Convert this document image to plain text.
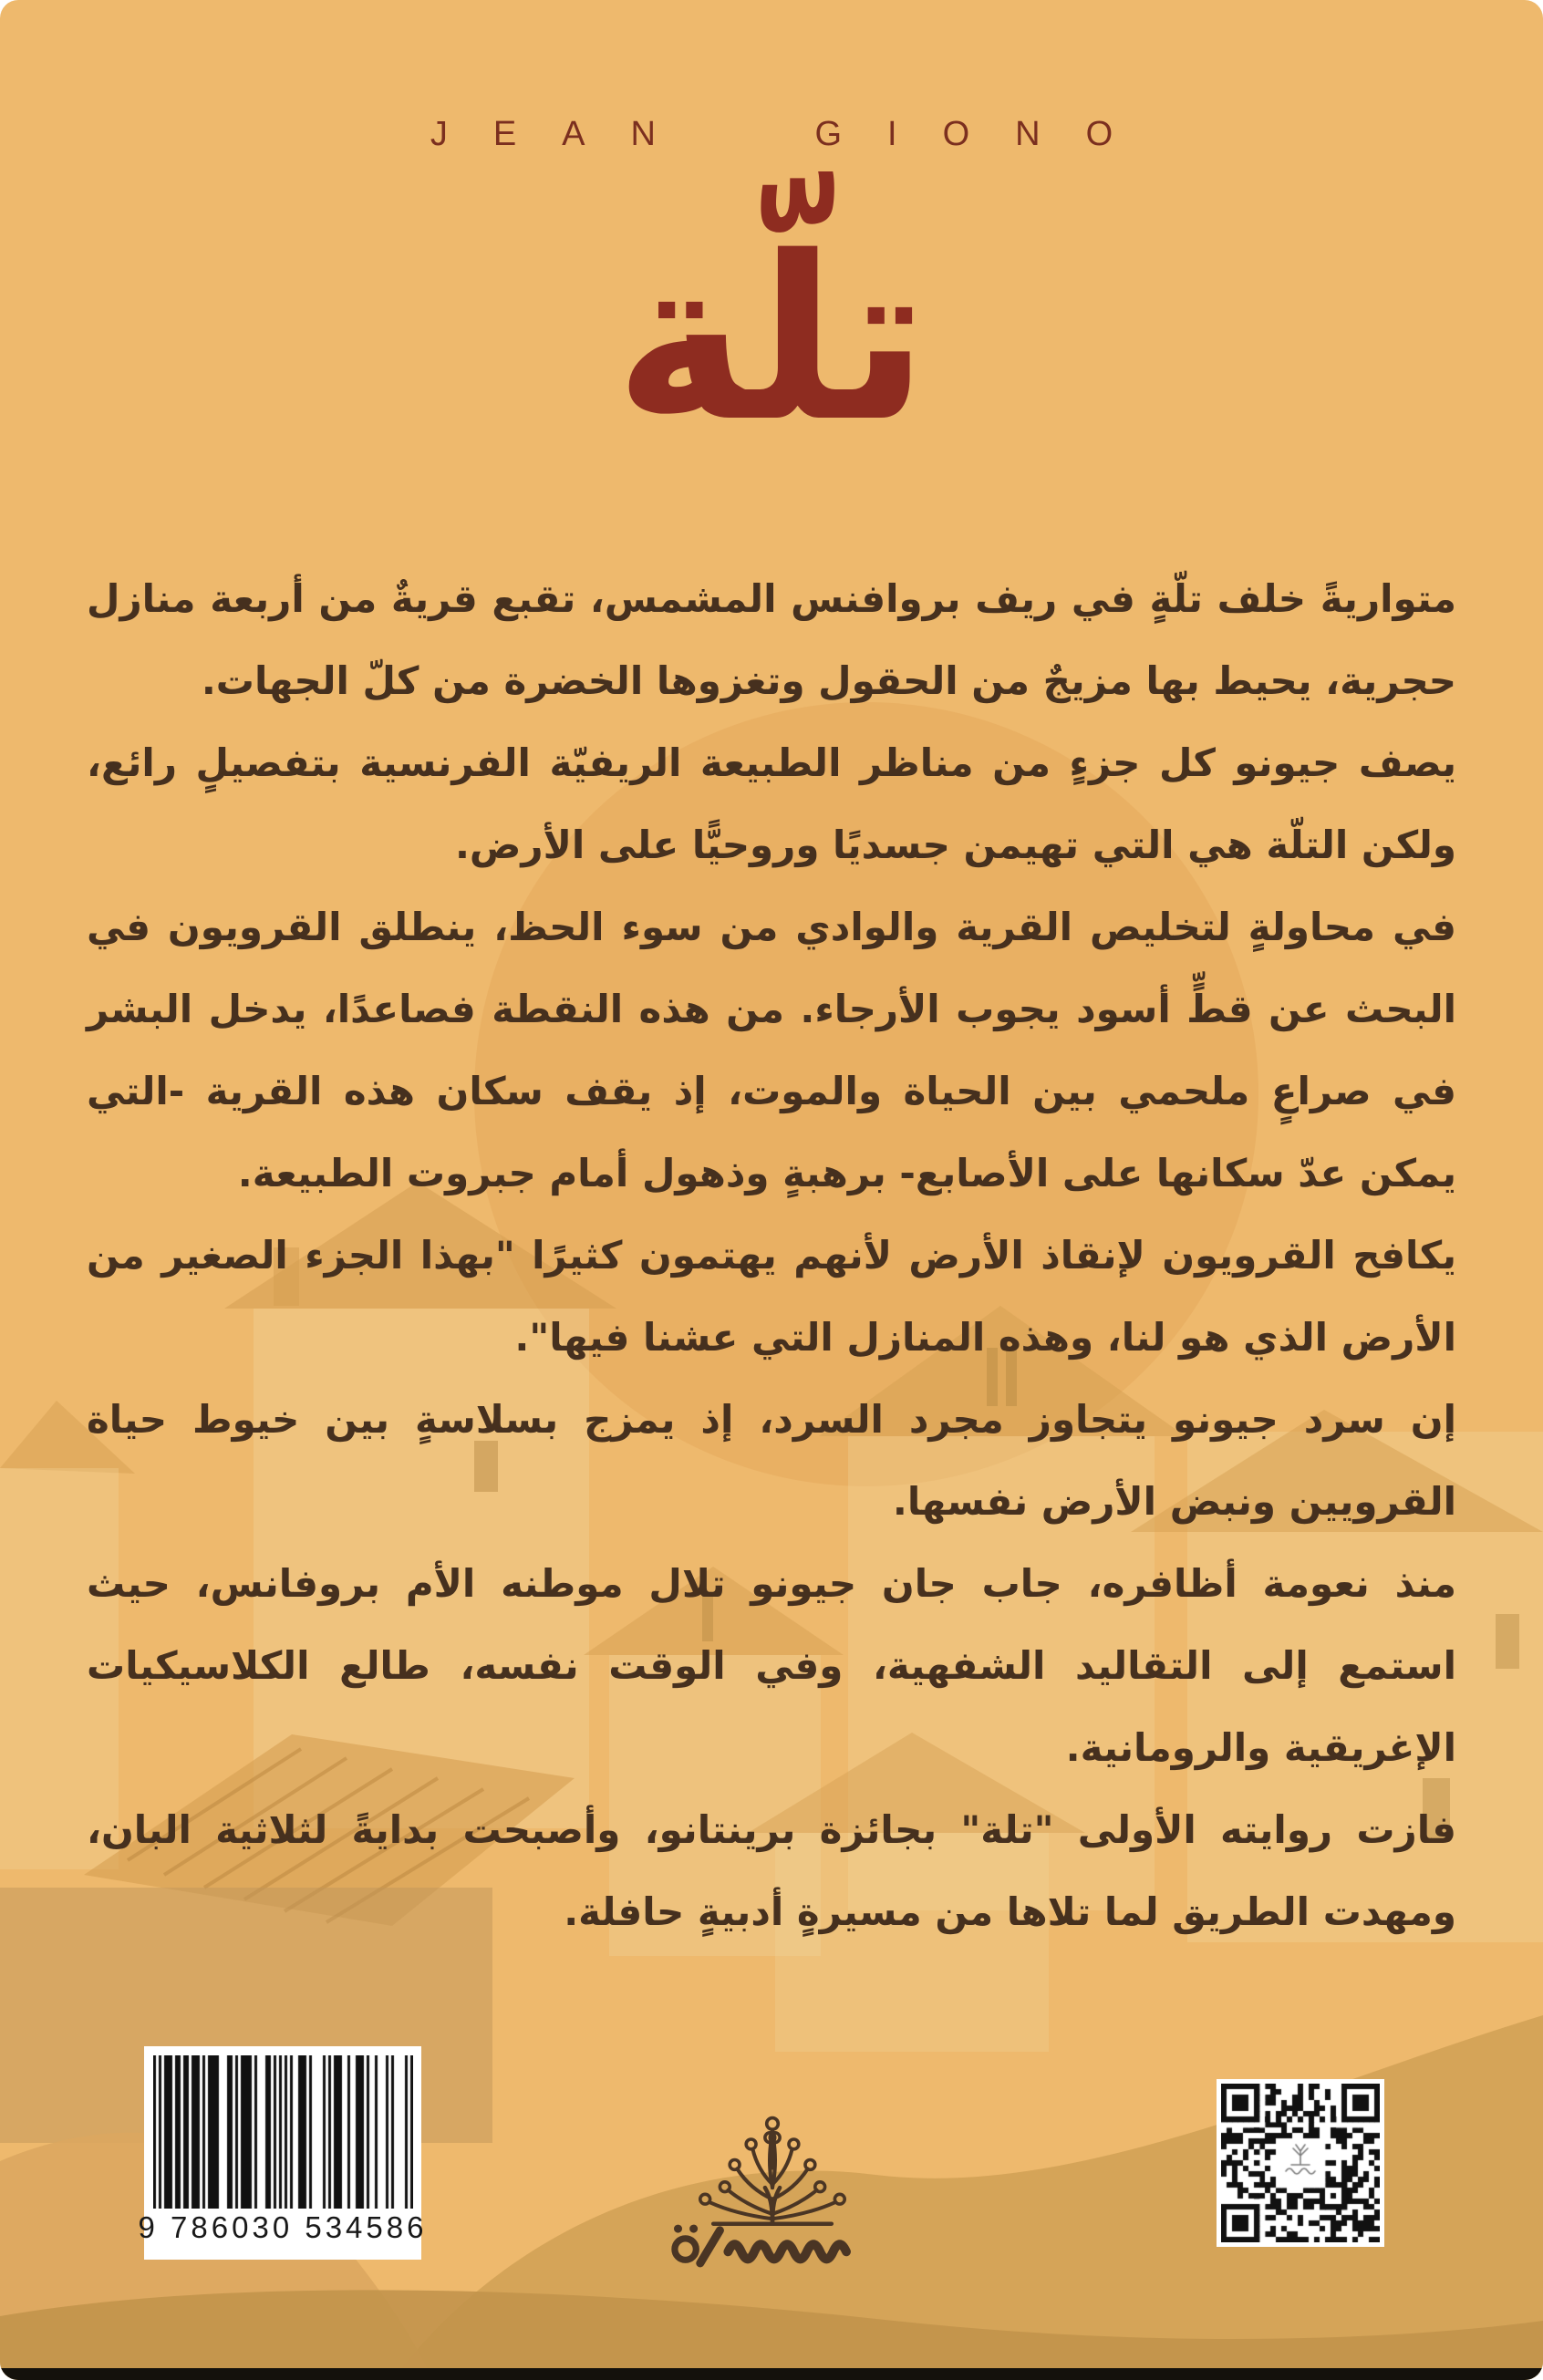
JEAN GIONO
تلّة

متواريةً خلف تلّةٍ في ريف بروافنس المشمس، تقبع قريةٌ من أربعة منازل حجرية، يحيط بها مزيجٌ من الحقول وتغزوها الخضرة من كلّ الجهات.

يصف جيونو كل جزءٍ من مناظر الطبيعة الريفيّة الفرنسية بتفصيلٍ رائع، ولكن التلّة هي التي تهيمن جسديًا وروحيًّا على الأرض.

في محاولةٍ لتخليص القرية والوادي من سوء الحظ، ينطلق القرويون في البحث عن قطٍّ أسود يجوب الأرجاء. من هذه النقطة فصاعدًا، يدخل البشر في صراعٍ ملحمي بين الحياة والموت، إذ يقف سكان هذه القرية -التي يمكن عدّ سكانها على الأصابع- برهبةٍ وذهول أمام جبروت الطبيعة.

يكافح القرويون لإنقاذ الأرض لأنهم يهتمون كثيرًا "بهذا الجزء الصغير من الأرض الذي هو لنا، وهذه المنازل التي عشنا فيها".

إن سرد جيونو يتجاوز مجرد السرد، إذ يمزج بسلاسةٍ بين خيوط حياة القرويين ونبض الأرض نفسها.

منذ نعومة أظافره، جاب جان جيونو تلال موطنه الأم بروفانس، حيث استمع إلى التقاليد الشفهية، وفي الوقت نفسه، طالع الكلاسيكيات الإغريقية والرومانية.

فازت روايته الأولى "تلة" بجائزة برينتانو، وأصبحت بدايةً لثلاثية البان، ومهدت الطريق لما تلاها من مسيرةٍ أدبيةٍ حافلة.

9 786030 534586
